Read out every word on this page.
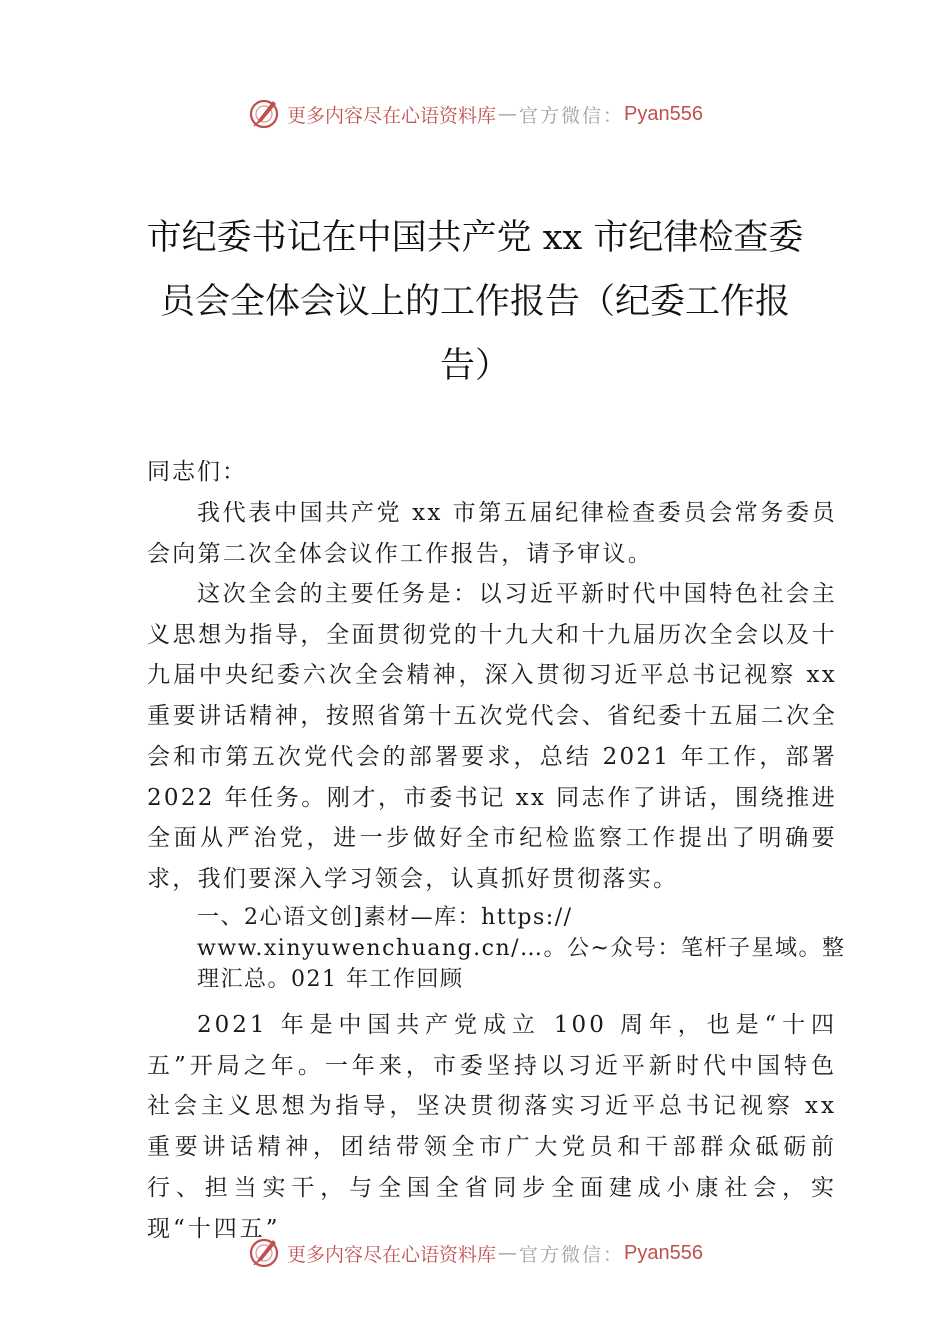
更多内容尽在心语资料库 — 官方微信： Pyan556
市纪委书记在中国共产党 xx 市纪律检查委员会全体会议上的工作报告（纪委工作报告）
同志们：

我代表中国共产党 xx 市第五届纪律检查委员会常务委员会向第二次全体会议作工作报告，请予审议。

这次全会的主要任务是：以习近平新时代中国特色社会主义思想为指导，全面贯彻党的十九大和十九届历次全会以及十九届中央纪委六次全会精神，深入贯彻习近平总书记视察 xx 重要讲话精神，按照省第十五次党代会、省纪委十五届二次全会和市第五次党代会的部署要求，总结 2021 年工作，部署 2022 年任务。刚才，市委书记 xx 同志作了讲话，围绕推进全面从严治党，进一步做好全市纪检监察工作提出了明确要求，我们要深入学习领会，认真抓好贯彻落实。

一、2心语文创]素材—库：https://
www.xinyuwenchuang.cn/…。公~众号：笔杆子星域。整
理汇总。021 年工作回顾

2021 年是中国共产党成立 100 周年，也是“十四五”开局之年。一年来，市委坚持以习近平新时代中国特色社会主义思想为指导，坚决贯彻落实习近平总书记视察 xx 重要讲话精神，团结带领全市广大党员和干部群众砥砺前行、担当实干，与全国全省同步全面建成小康社会，实现“十四五”

更多内容尽在心语资料库 — 官方微信： Pyan556
